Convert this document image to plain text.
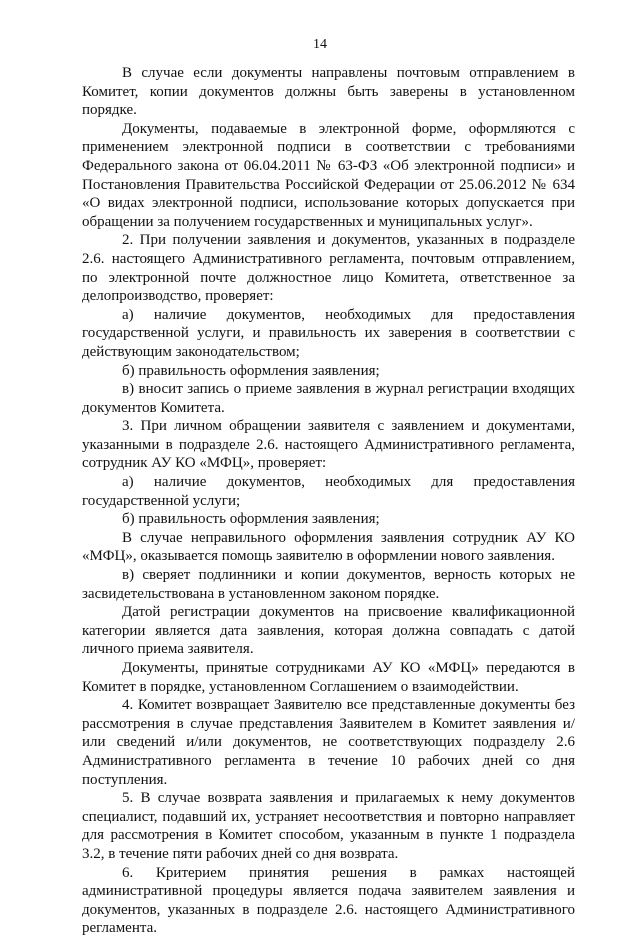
14

В случае если документы направлены почтовым отправлением в Комитет, копии документов должны быть заверены в установленном порядке.

Документы, подаваемые в электронной форме, оформляются с применением электронной подписи в соответствии с требованиями Федерального закона от 06.04.2011 № 63-ФЗ «Об электронной подписи» и Постановления Правительства Российской Федерации от 25.06.2012 № 634 «О видах электронной подписи, использование которых допускается при обращении за получением государственных и муниципальных услуг».

2. При получении заявления и документов, указанных в подразделе 2.6. настоящего Административного регламента, почтовым отправлением, по электронной почте должностное лицо Комитета, ответственное за делопроизводство, проверяет:

а) наличие документов, необходимых для предоставления государственной услуги, и правильность их заверения в соответствии с действующим законодательством;

б) правильность оформления заявления;

в) вносит запись о приеме заявления в журнал регистрации входящих документов Комитета.

3. При личном обращении заявителя с заявлением и документами, указанными в подразделе 2.6. настоящего Административного регламента, сотрудник АУ КО «МФЦ», проверяет:

а) наличие документов, необходимых для предоставления государственной услуги;

б) правильность оформления заявления;

В случае неправильного оформления заявления сотрудник АУ КО «МФЦ», оказывается помощь заявителю в оформлении нового заявления.

в) сверяет подлинники и копии документов, верность которых не засвидетельствована в установленном законом порядке.

Датой регистрации документов на присвоение квалификационной категории является дата заявления, которая должна совпадать с датой личного приема заявителя.

Документы, принятые сотрудниками АУ КО «МФЦ» передаются в Комитет в порядке, установленном Соглашением о взаимодействии.

4. Комитет возвращает Заявителю все представленные документы без рассмотрения в случае представления Заявителем в Комитет заявления и/или сведений и/или документов, не соответствующих подразделу 2.6 Административного регламента в течение 10 рабочих дней со дня поступления.

5. В случае возврата заявления и прилагаемых к нему документов специалист, подавший их, устраняет несоответствия и повторно направляет для рассмотрения в Комитет способом, указанным в пункте 1 подраздела 3.2, в течение пяти рабочих дней со дня возврата.

6. Критерием принятия решения в рамках настоящей административной процедуры является подача заявителем заявления и документов, указанных в подразделе 2.6. настоящего Административного регламента.
